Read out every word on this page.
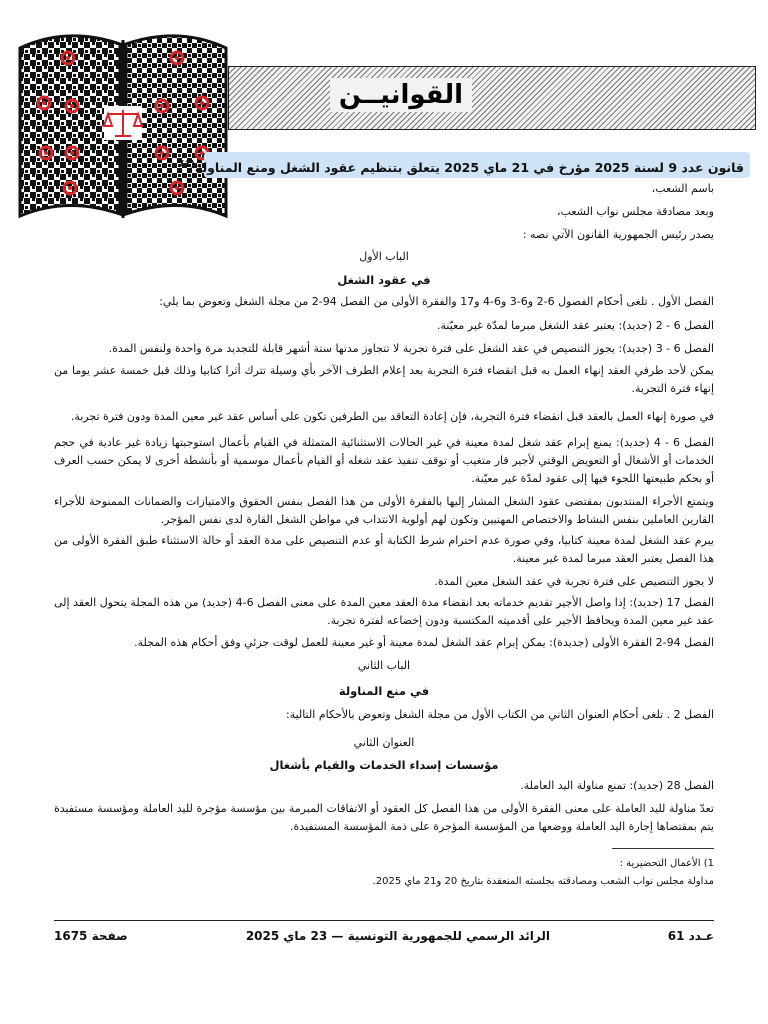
القوانيــن
قانون عدد 9 لسنة 2025 مؤرخ في 21 ماي 2025 يتعلق بتنظيم عقود الشغل ومنع المناولة$^{(1)}$
باسم الشعب،
وبعد مصادقة مجلس نواب الشعب،
يصدر رئيس الجمهورية القانون الآتي نصه :
الباب الأول
في عقود الشغل
الفصل الأول . تلغى أحكام الفصول 6-2 و6-3 و6-4 و17 والفقرة الأولى من الفصل 94-2 من مجلة الشغل وتعوض بما يلي:
الفصل 6 - 2 (جديد): يعتبر عقد الشغل مبرما لمدّة غير معيّنة.
الفصل 6 - 3 (جديد): يجوز التنصيص في عقد الشغل على فترة تجربة لا تتجاوز مدتها ستة أشهر قابلة للتجديد مرة واحدة ولنفس المدة.
يمكن لأحد طرفي العقد إنهاء العمل به قبل انقضاء فترة التجربة بعد إعلام الطرف الآخر بأي وسيلة تترك أثرا كتابيا وذلك قبل خمسة عشر يوما من إنهاء فترة التجربة.
في صورة إنهاء العمل بالعقد قبل انقضاء فترة التجربة، فإن إعادة التعاقد بين الطرفين تكون على أساس عقد غير معين المدة ودون فترة تجربة.
الفصل 6 - 4 (جديد): يمنع إبرام عقد شغل لمدة معينة في غير الحالات الاستثنائية المتمثلة في القيام بأعمال استوجبتها زيادة غير عادية في حجم الخدمات أو الأشغال أو التعويض الوقتي لأجير قار متغيب أو توقف تنفيذ عقد شغله أو القيام بأعمال موسمية أو بأنشطة أخرى لا يمكن حسب العرف أو بحكم طبيعتها اللجوء فيها إلى عقود لمدّة غير معيّنة.
ويتمتع الأجراء المنتدبون بمقتضى عقود الشغل المشار إليها بالفقرة الأولى من هذا الفصل بنفس الحقوق والامتيازات والضمانات الممنوحة للأجراء القارين العاملين بنفس النشاط والاختصاص المهنيين وتكون لهم أولوية الانتداب في مواطن الشغل القارة لدى نفس المؤجر.
يبرم عقد الشغل لمدة معينة كتابيا، وفي صورة عدم احترام شرط الكتابة أو عدم التنصيص على مدة العقد أو حالة الاستثناء طبق الفقرة الأولى من هذا الفصل يعتبر العقد مبرما لمدة غير معينة.
لا يجوز التنصيص على فترة تجربة في عقد الشغل معين المدة.
الفصل 17 (جديد): إذا واصل الأجير تقديم خدماته بعد انقضاء مدة العقد معين المدة على معنى الفصل 6-4 (جديد) من هذه المجلة يتحول العقد إلى عقد غير معين المدة ويحافظ الأجير على أقدميته المكتسبة ودون إخضاعه لفترة تجربة.
الفصل 94-2 الفقرة الأولى (جديدة): يمكن إبرام عقد الشغل لمدة معينة أو غير معينة للعمل لوقت جزئي وفق أحكام هذه المجلة.
الباب الثاني
في منع المناولة
الفصل 2 . تلغى أحكام العنوان الثاني من الكتاب الأول من مجلة الشغل وتعوض بالأحكام التالية:
العنوان الثاني
مؤسسات إسداء الخدمات والقيام بأشغال
الفصل 28 (جديد): تمنع مناولة اليد العاملة.
تعدّ مناولة لليد العاملة على معنى الفقرة الأولى من هذا الفصل كل العقود أو الاتفاقات المبرمة بين مؤسسة مؤجرة لليد العاملة ومؤسسة مستفيدة يتم بمقتضاها إجارة اليد العاملة ووضعها من المؤسسة المؤجرة على ذمة المؤسسة المستفيدة.
1) الأعمال التحضيرية :
مداولة مجلس نواب الشعب ومصادقته بجلسته المنعقدة بتاريخ 20 و21 ماي 2025.
عـدد 61
الرائد الرسمي للجمهورية التونسية — 23 ماي 2025
صفحة 1675
